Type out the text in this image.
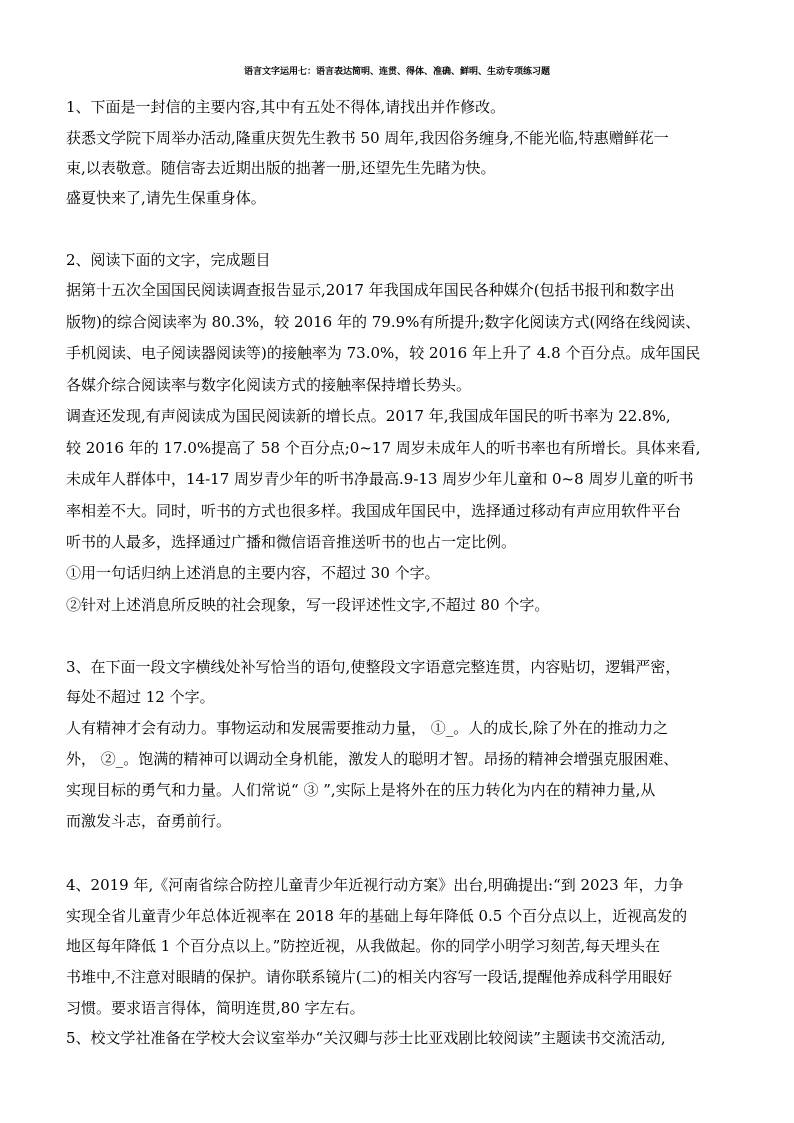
语言文字运用七：语言表达简明、连贯、得体、准确、鲜明、生动专项练习题
1、下面是一封信的主要内容,其中有五处不得体,请找出并作修改。
获悉文学院下周举办活动,隆重庆贺先生教书 50 周年,我因俗务缠身,不能光临,特惠赠鲜花一
束,以表敬意。随信寄去近期出版的拙著一册,还望先生先睹为快。
盛夏快来了,请先生保重身体。
2、阅读下面的文字，完成题目
据第十五次全国国民阅读调查报告显示,2017 年我国成年国民各种媒介(包括书报刊和数字出
版物)的综合阅读率为 80.3%，较 2016 年的 79.9%有所提升;数字化阅读方式(网络在线阅读、
手机阅读、电子阅读器阅读等)的接触率为 73.0%，较 2016 年上升了 4.8 个百分点。成年国民
各媒介综合阅读率与数字化阅读方式的接触率保持增长势头。
调查还发现,有声阅读成为国民阅读新的增长点。2017 年,我国成年国民的听书率为 22.8%,
较 2016 年的 17.0%提高了 58 个百分点;0~17 周岁未成年人的听书率也有所增长。具体来看,
未成年人群体中，14-17 周岁青少年的听书净最高.9-13 周岁少年儿童和 0~8 周岁儿童的听书
率相差不大。同时，听书的方式也很多样。我国成年国民中，选择通过移动有声应用软件平台
听书的人最多，选择通过广播和微信语音推送听书的也占一定比例。
①用一句话归纳上述消息的主要内容，不超过 30 个字。
②针对上述消息所反映的社会现象，写一段评述性文字,不超过 80 个字。
3、在下面一段文字横线处补写恰当的语句,使整段文字语意完整连贯，内容贴切，逻辑严密，
每处不超过 12 个字。
人有精神才会有动力。事物运动和发展需要推动力量， ①_。人的成长,除了外在的推动力之
外， ②_。饱满的精神可以调动全身机能，激发人的聪明才智。昂扬的精神会增强克服困难、
实现目标的勇气和力量。人们常说“ ③ ”,实际上是将外在的压力转化为内在的精神力量,从
而激发斗志，奋勇前行。
4、2019 年,《河南省综合防控儿童青少年近视行动方案》出台,明确提出:“到 2023 年，力争
实现全省儿童青少年总体近视率在 2018 年的基础上每年降低 0.5 个百分点以上，近视高发的
地区每年降低 1 个百分点以上。”防控近视，从我做起。你的同学小明学习刻苦,每天埋头在
书堆中,不注意对眼睛的保护。请你联系镜片(二)的相关内容写一段话,提醒他养成科学用眼好
习惯。要求语言得体，简明连贯,80 字左右。
5、校文学社准备在学校大会议室举办“关汉卿与莎士比亚戏剧比较阅读”主题读书交流活动,
